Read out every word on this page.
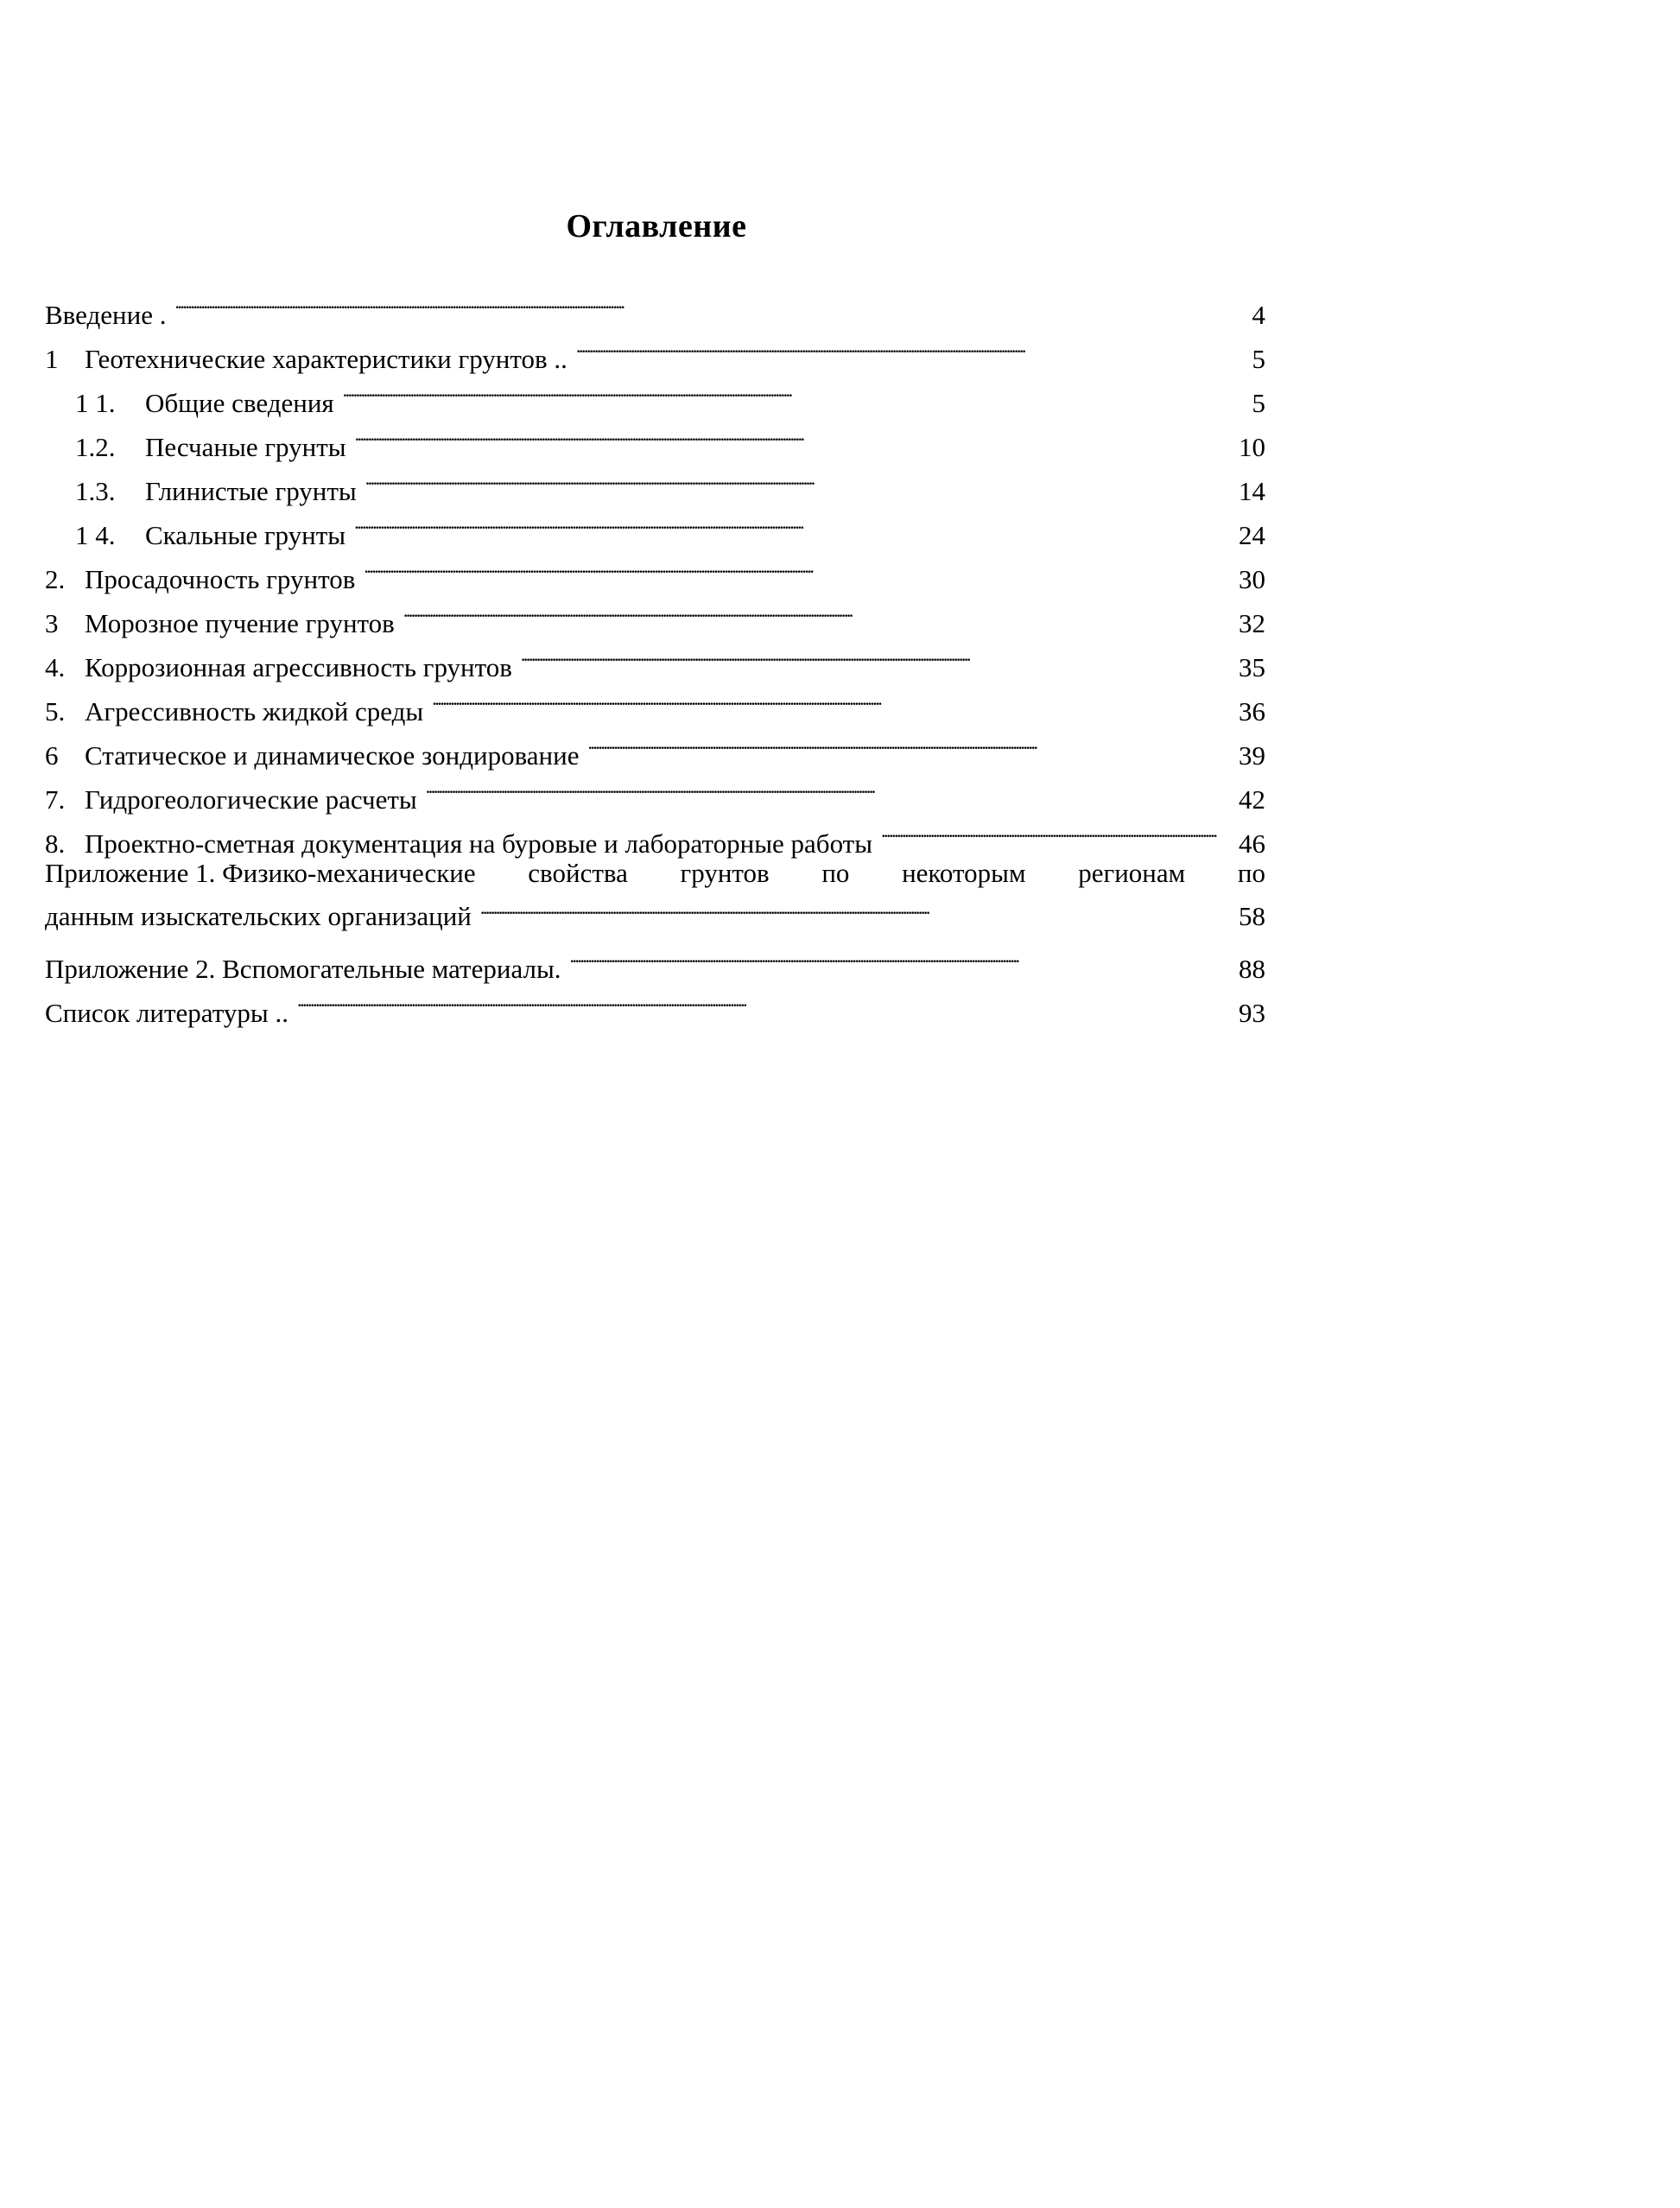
Оглавление
Введение . . . .	4
1 Геотехнические характеристики грунтов .. . . .	5
1 1.	Общие сведения . . .	5
1.2.	Песчаные грунты . . .	10
1.3.	Глинистые грунты . . .	14
1 4.	Скальные грунты . . .	24
2. Просадочность грунтов . . .	30
3 Морозное пучение грунтов . . .	32
4. Коррозионная агрессивность грунтов . . .	35
5. Агрессивность жидкой среды . . .	36
6 Статическое и динамическое зондирование . . .	39
7. Гидрогеологические расчеты . . .	42
8. Проектно-сметная документация на буровые и лабораторные работы . . .	46
Приложение 1. Физико-механические свойства грунтов по некоторым регионам по
данным изыскательских организаций . . .	58
Приложение 2. Вспомогательные материалы. . . .	88
Список литературы .. . . .	93
